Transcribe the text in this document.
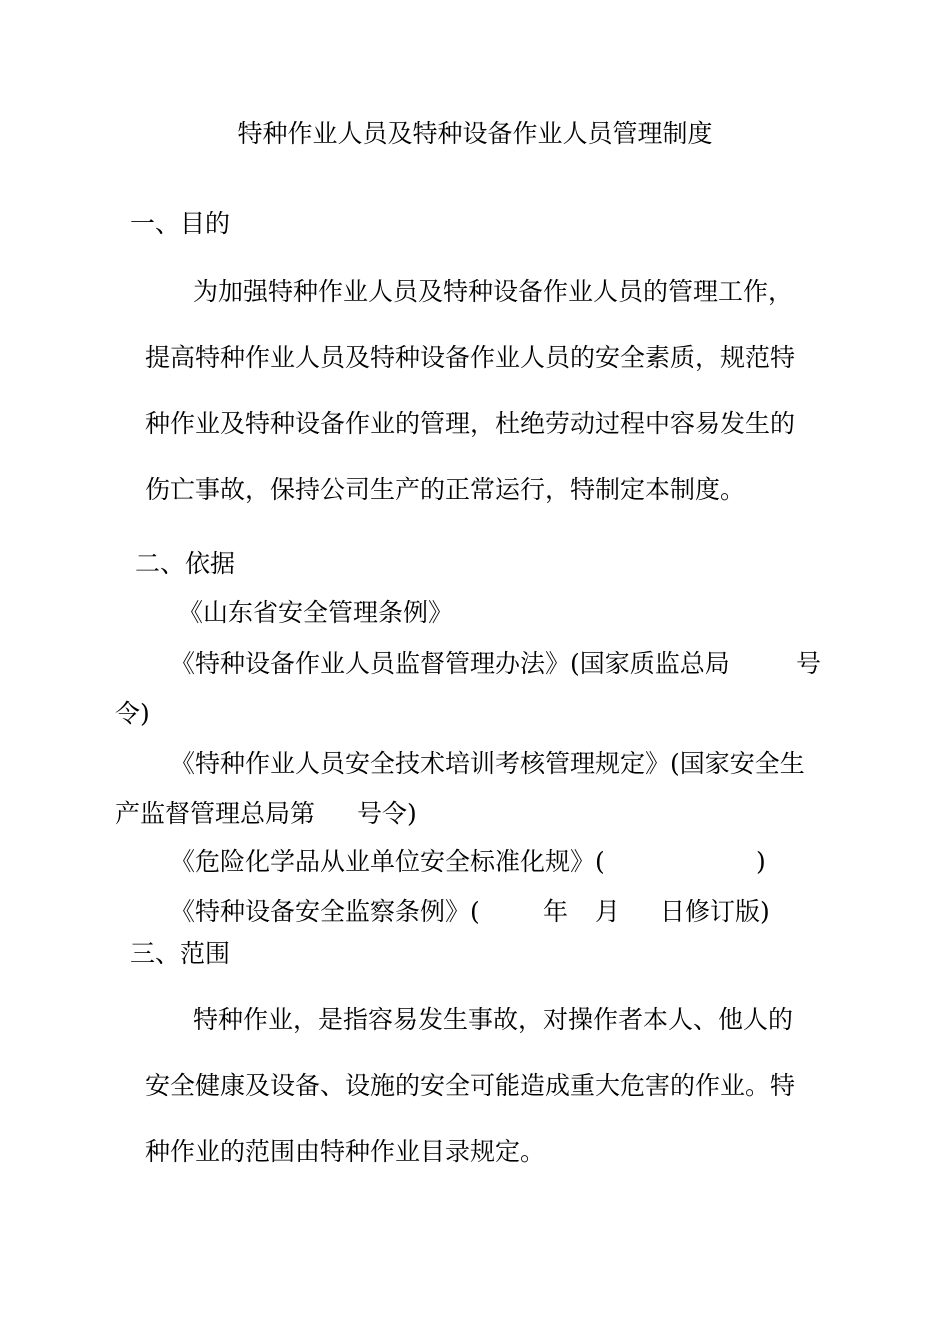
特种作业人员及特种设备作业人员管理制度
一、目的
为加强特种作业人员及特种设备作业人员的管理工作，
提高特种作业人员及特种设备作业人员的安全素质，规范特
种作业及特种设备作业的管理，杜绝劳动过程中容易发生的
伤亡事故，保持公司生产的正常运行，特制定本制度。
二、依据
《山东省安全管理条例》
《特种设备作业人员监督管理办法》(国家质监总局	号
令)
《特种作业人员安全技术培训考核管理规定》(国家安全生
产监督管理总局第 号令)
《危险化学品从业单位安全标准化规》(	)
《特种设备安全监察条例》(	年 月 日修订版)
三、范围
特种作业，是指容易发生事故，对操作者本人、他人的
安全健康及设备、设施的安全可能造成重大危害的作业。特
种作业的范围由特种作业目录规定。
